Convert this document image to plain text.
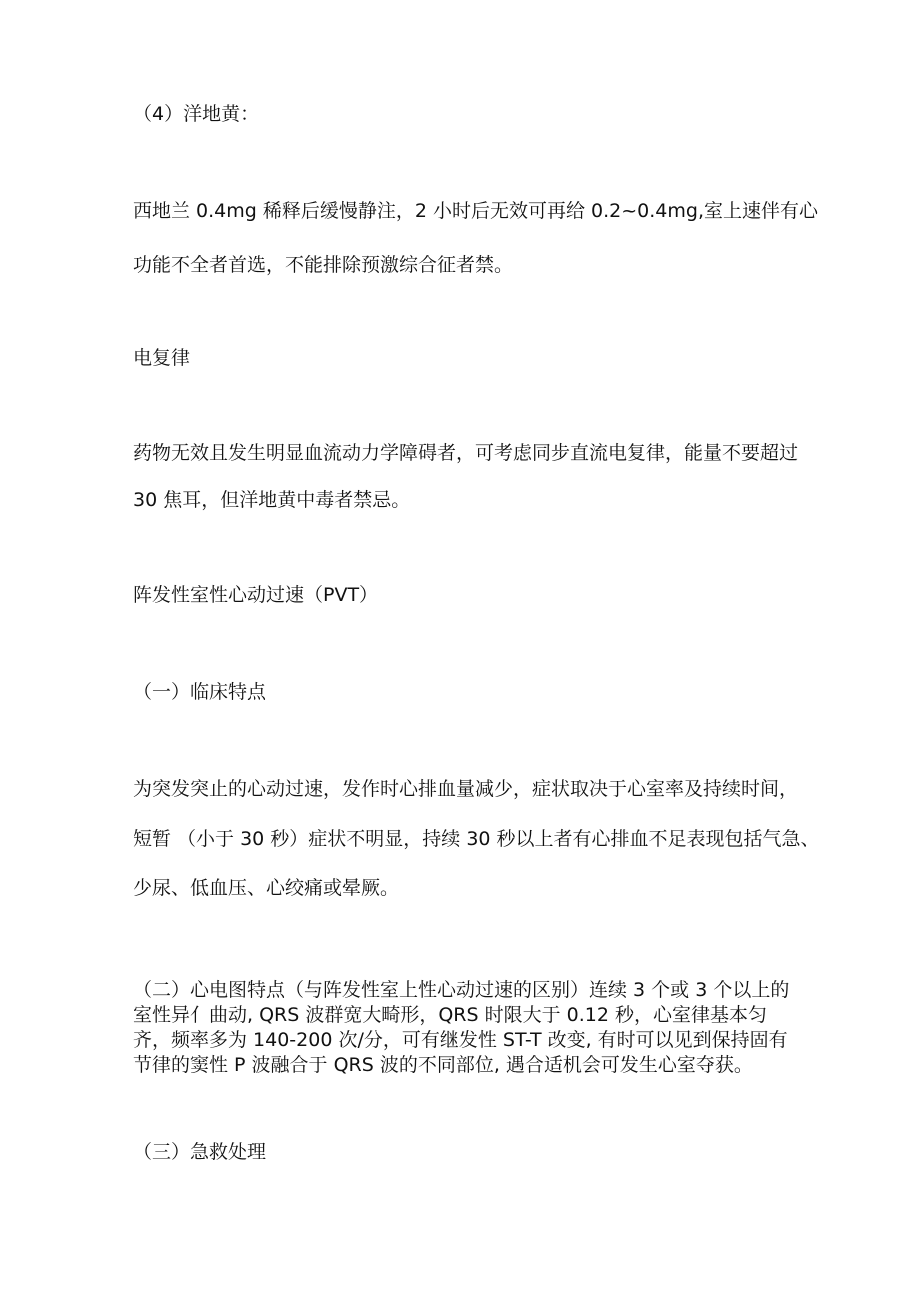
（4）洋地黄：
西地兰 0.4mg 稀释后缓慢静注，2 小时后无效可再给 0.2~0.4mg,室上速伴有心
功能不全者首选，不能排除预激综合征者禁。
电复律
药物无效且发生明显血流动力学障碍者，可考虑同步直流电复律，能量不要超过
30 焦耳，但洋地黄中毒者禁忌。
阵发性室性心动过速（PVT）
（一）临床特点
为突发突止的心动过速，发作时心排血量减少，症状取决于心室率及持续时间，
短暂 （小于 30 秒）症状不明显，持续 30 秒以上者有心排血不足表现包括气急、
少尿、低血压、心绞痛或晕厥。
（二）心电图特点（与阵发性室上性心动过速的区别）连续 3 个或 3 个以上的室性异亻曲动, QRS 波群宽大畸形，QRS 时限大于 0.12 秒，心室律基本匀齐，频率多为 140-200 次/分，可有继发性 ST-T 改变, 有时可以见到保持固有节律的窦性 P 波融合于 QRS 波的不同部位, 遇合适机会可发生心室夺获。
（三）急救处理
